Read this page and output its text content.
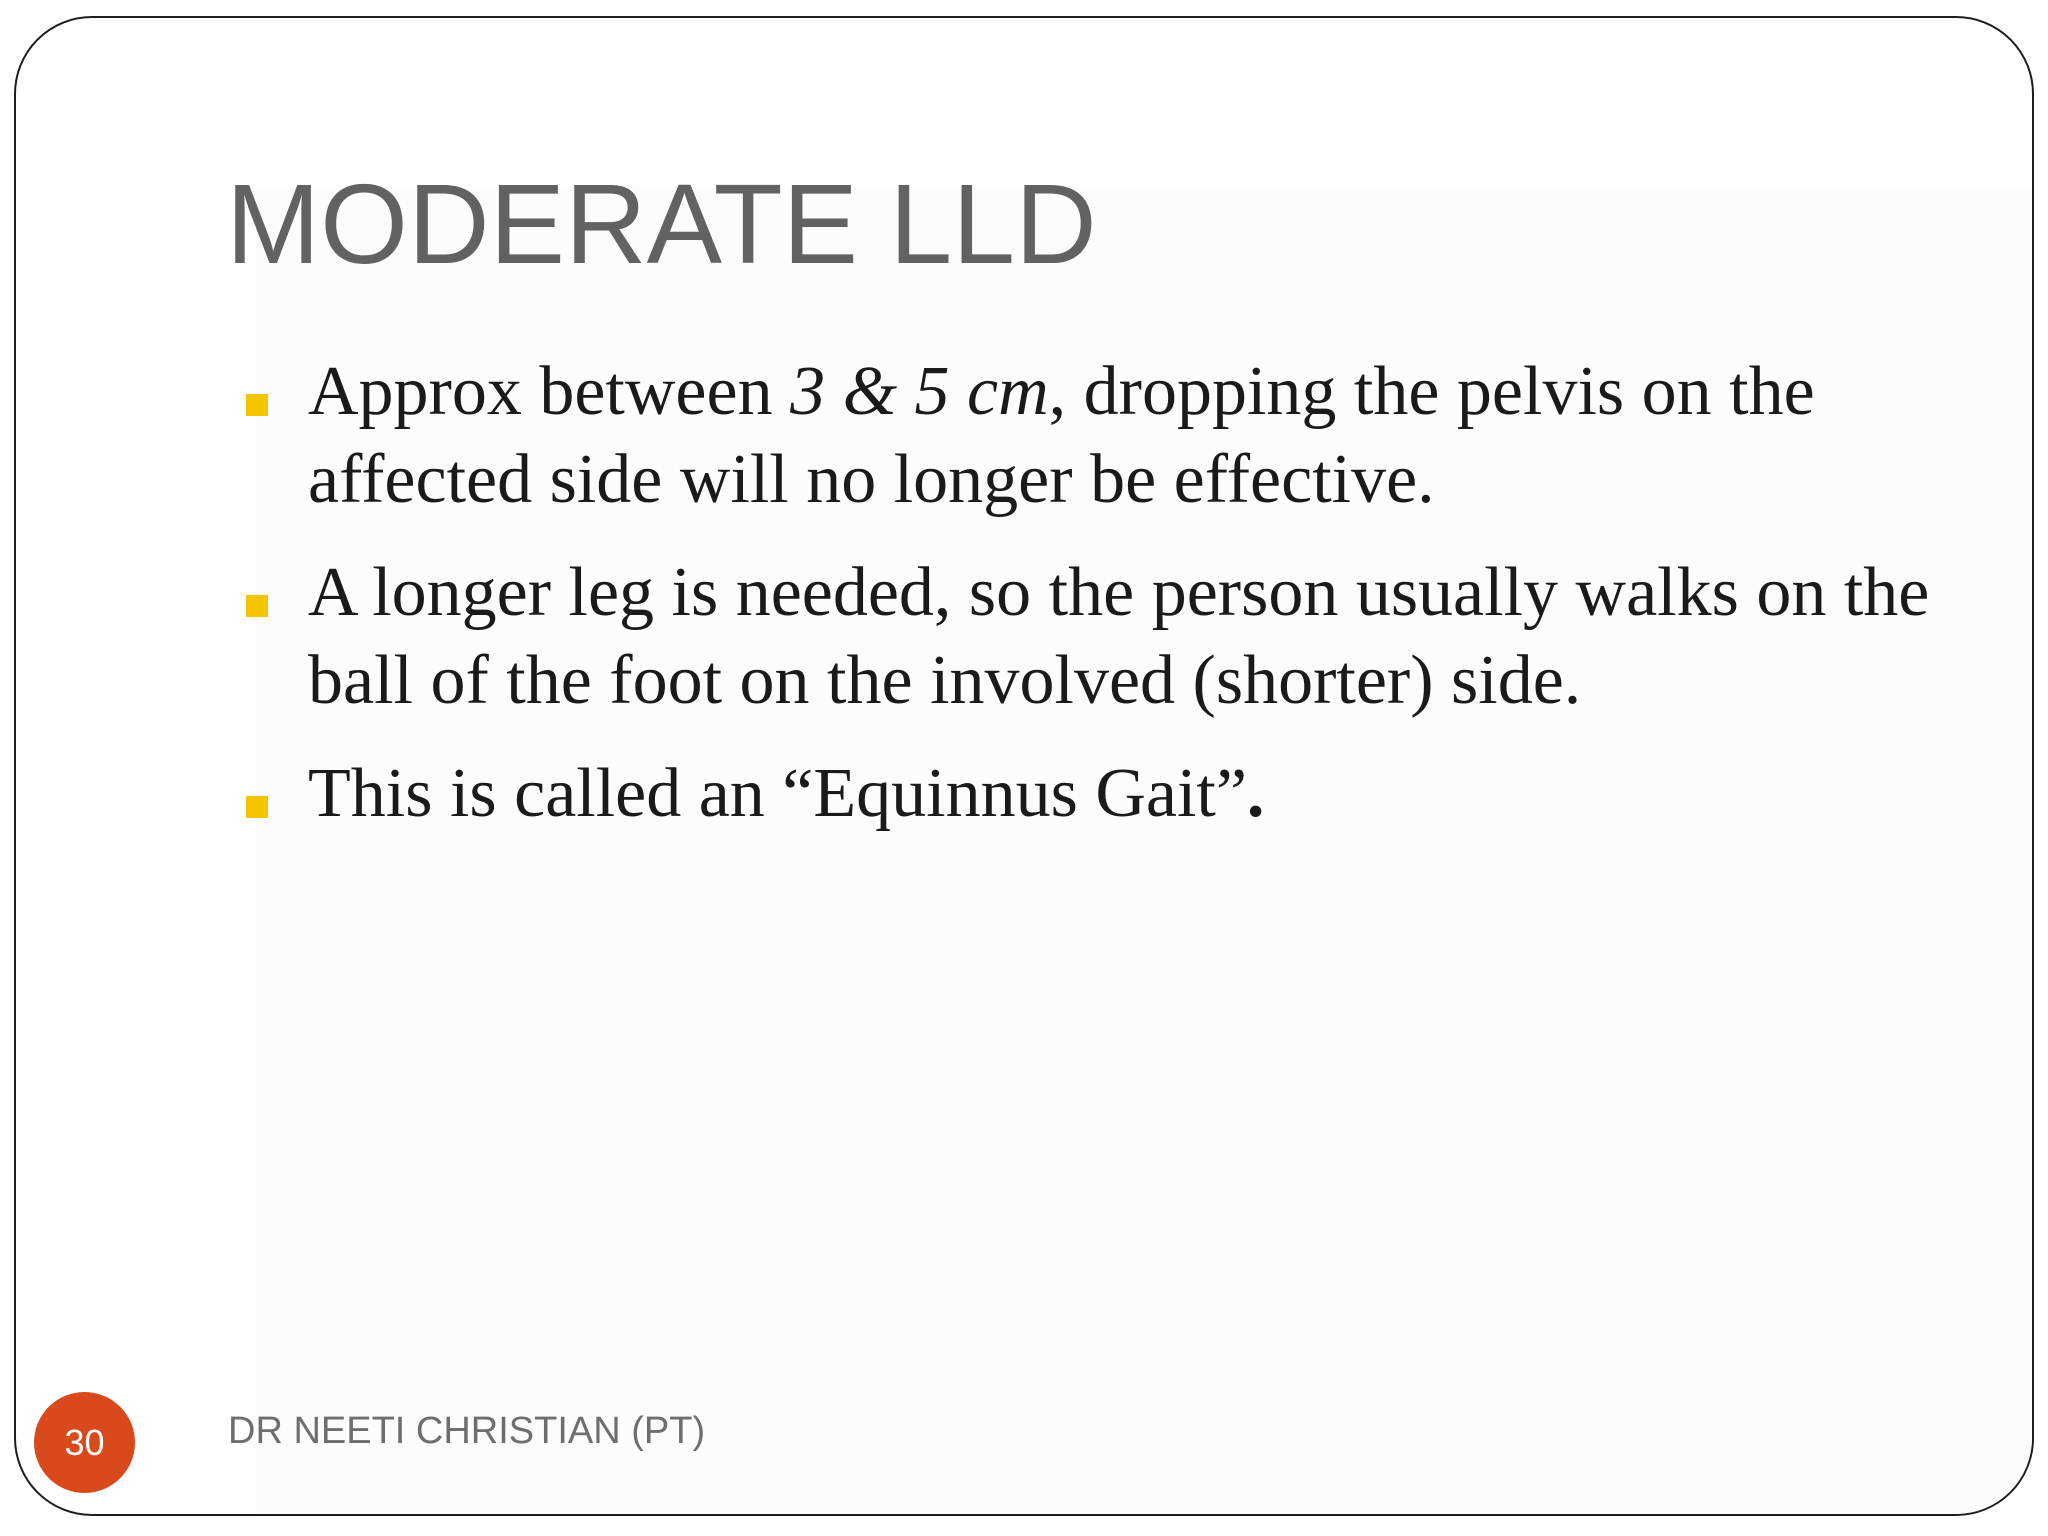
MODERATE LLD
Approx between 3 & 5 cm, dropping the pelvis on the affected side will no longer be effective.
A longer leg is needed, so the person usually walks on the ball of the foot on the involved (shorter) side.
This is called an “Equinnus Gait”.
30	DR NEETI CHRISTIAN (PT)
